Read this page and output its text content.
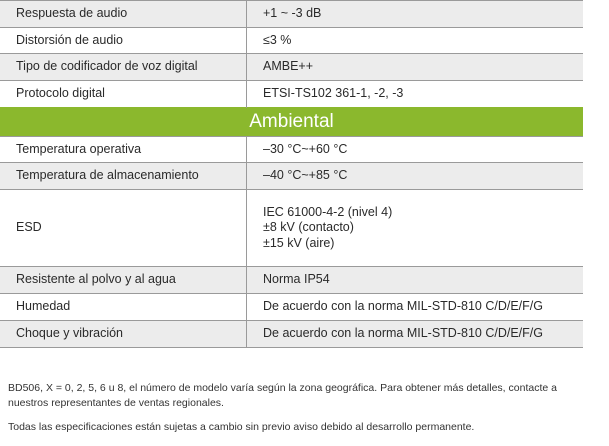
Respuesta de audio	+1 ~ -3 dB
Distorsión de audio	≤3 %
Tipo de codificador de voz digital	AMBE++
Protocolo digital	ETSI-TS102 361-1, -2, -3
Ambiental	
Temperatura operativa	–30 °C~+60 °C
Temperatura de almacenamiento	–40 °C~+85 °C
ESD	IEC 61000-4-2 (nivel 4)
±8 kV (contacto)
±15 kV (aire)

Resistente al polvo y al agua	Norma IP54
Humedad	De acuerdo con la norma MIL-STD-810 C/D/E/F/G
Choque y vibración	De acuerdo con la norma MIL-STD-810 C/D/E/F/G

BD506, X = 0, 2, 5, 6 u 8, el número de modelo varía según la zona geográfica. Para obtener más detalles, contacte a nuestros representantes de ventas regionales.

Todas las especificaciones están sujetas a cambio sin previo aviso debido al desarrollo permanente.
